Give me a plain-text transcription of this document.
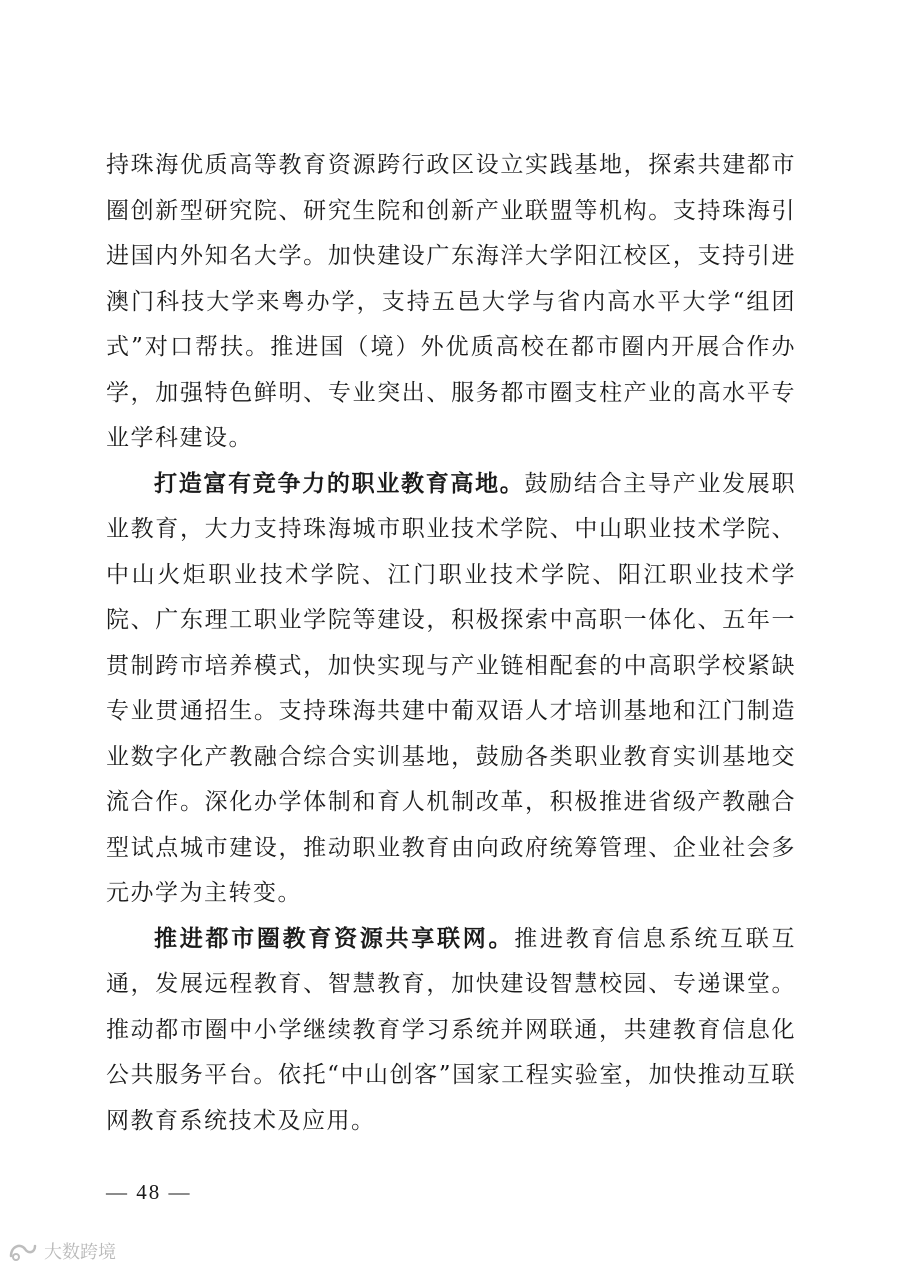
持珠海优质高等教育资源跨行政区设立实践基地，探索共建都市圈创新型研究院、研究生院和创新产业联盟等机构。支持珠海引进国内外知名大学。加快建设广东海洋大学阳江校区，支持引进澳门科技大学来粤办学，支持五邑大学与省内高水平大学“组团式”对口帮扶。推进国（境）外优质高校在都市圈内开展合作办学，加强特色鲜明、专业突出、服务都市圈支柱产业的高水平专业学科建设。

打造富有竞争力的职业教育高地。鼓励结合主导产业发展职业教育，大力支持珠海城市职业技术学院、中山职业技术学院、中山火炬职业技术学院、江门职业技术学院、阳江职业技术学院、广东理工职业学院等建设，积极探索中高职一体化、五年一贯制跨市培养模式，加快实现与产业链相配套的中高职学校紧缺专业贯通招生。支持珠海共建中葡双语人才培训基地和江门制造业数字化产教融合综合实训基地，鼓励各类职业教育实训基地交流合作。深化办学体制和育人机制改革，积极推进省级产教融合型试点城市建设，推动职业教育由向政府统筹管理、企业社会多元办学为主转变。

推进都市圈教育资源共享联网。推进教育信息系统互联互通，发展远程教育、智慧教育，加快建设智慧校园、专递课堂。推动都市圈中小学继续教育学习系统并网联通，共建教育信息化公共服务平台。依托“中山创客”国家工程实验室，加快推动互联网教育系统技术及应用。

— 48 —
大数跨境
